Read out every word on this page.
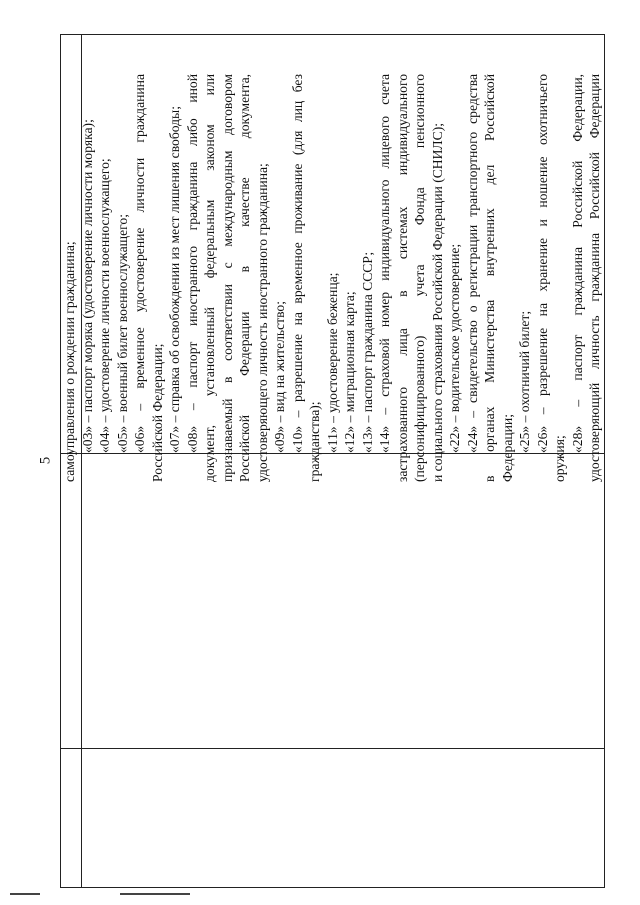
5 самоуправления о рождении гражданина; «03» – паспорт моряка (удостоверение личности моряка); «04» – удостоверение личности военнослужащего; «05» – военный билет военнослужащего; «06» – временное удостоверение личности гражданина Российской Федерации; «07» – справка об освобождении из мест лишения свободы; «08» – паспорт иностранного гражданина либо иной документ, установленный федеральным законом или признаваемый в соответствии с международным договором Российской Федерации в качестве документа, удостоверяющего личность иностранного гражданина; «09» – вид на жительство; «10» – разрешение на временное проживание (для лиц без гражданства); «11» – удостоверение беженца; «12» – миграционная карта; «13» – паспорт гражданина СССР; «14» – страховой номер индивидуального лицевого счета застрахованного лица в системах индивидуального (персонифицированного) учета Фонда пенсионного и социального страхования Российской Федерации (СНИЛС); «22» – водительское удостоверение; «24» – свидетельство о регистрации транспортного средства в органах Министерства внутренних дел Российской Федерации; «25» – охотничий билет; «26» – разрешение на хранение и ношение охотничьего
оружия;
«28» – паспорт гражданина Российской Федерации, удостоверяющий личность гражданина Российской Федерации
